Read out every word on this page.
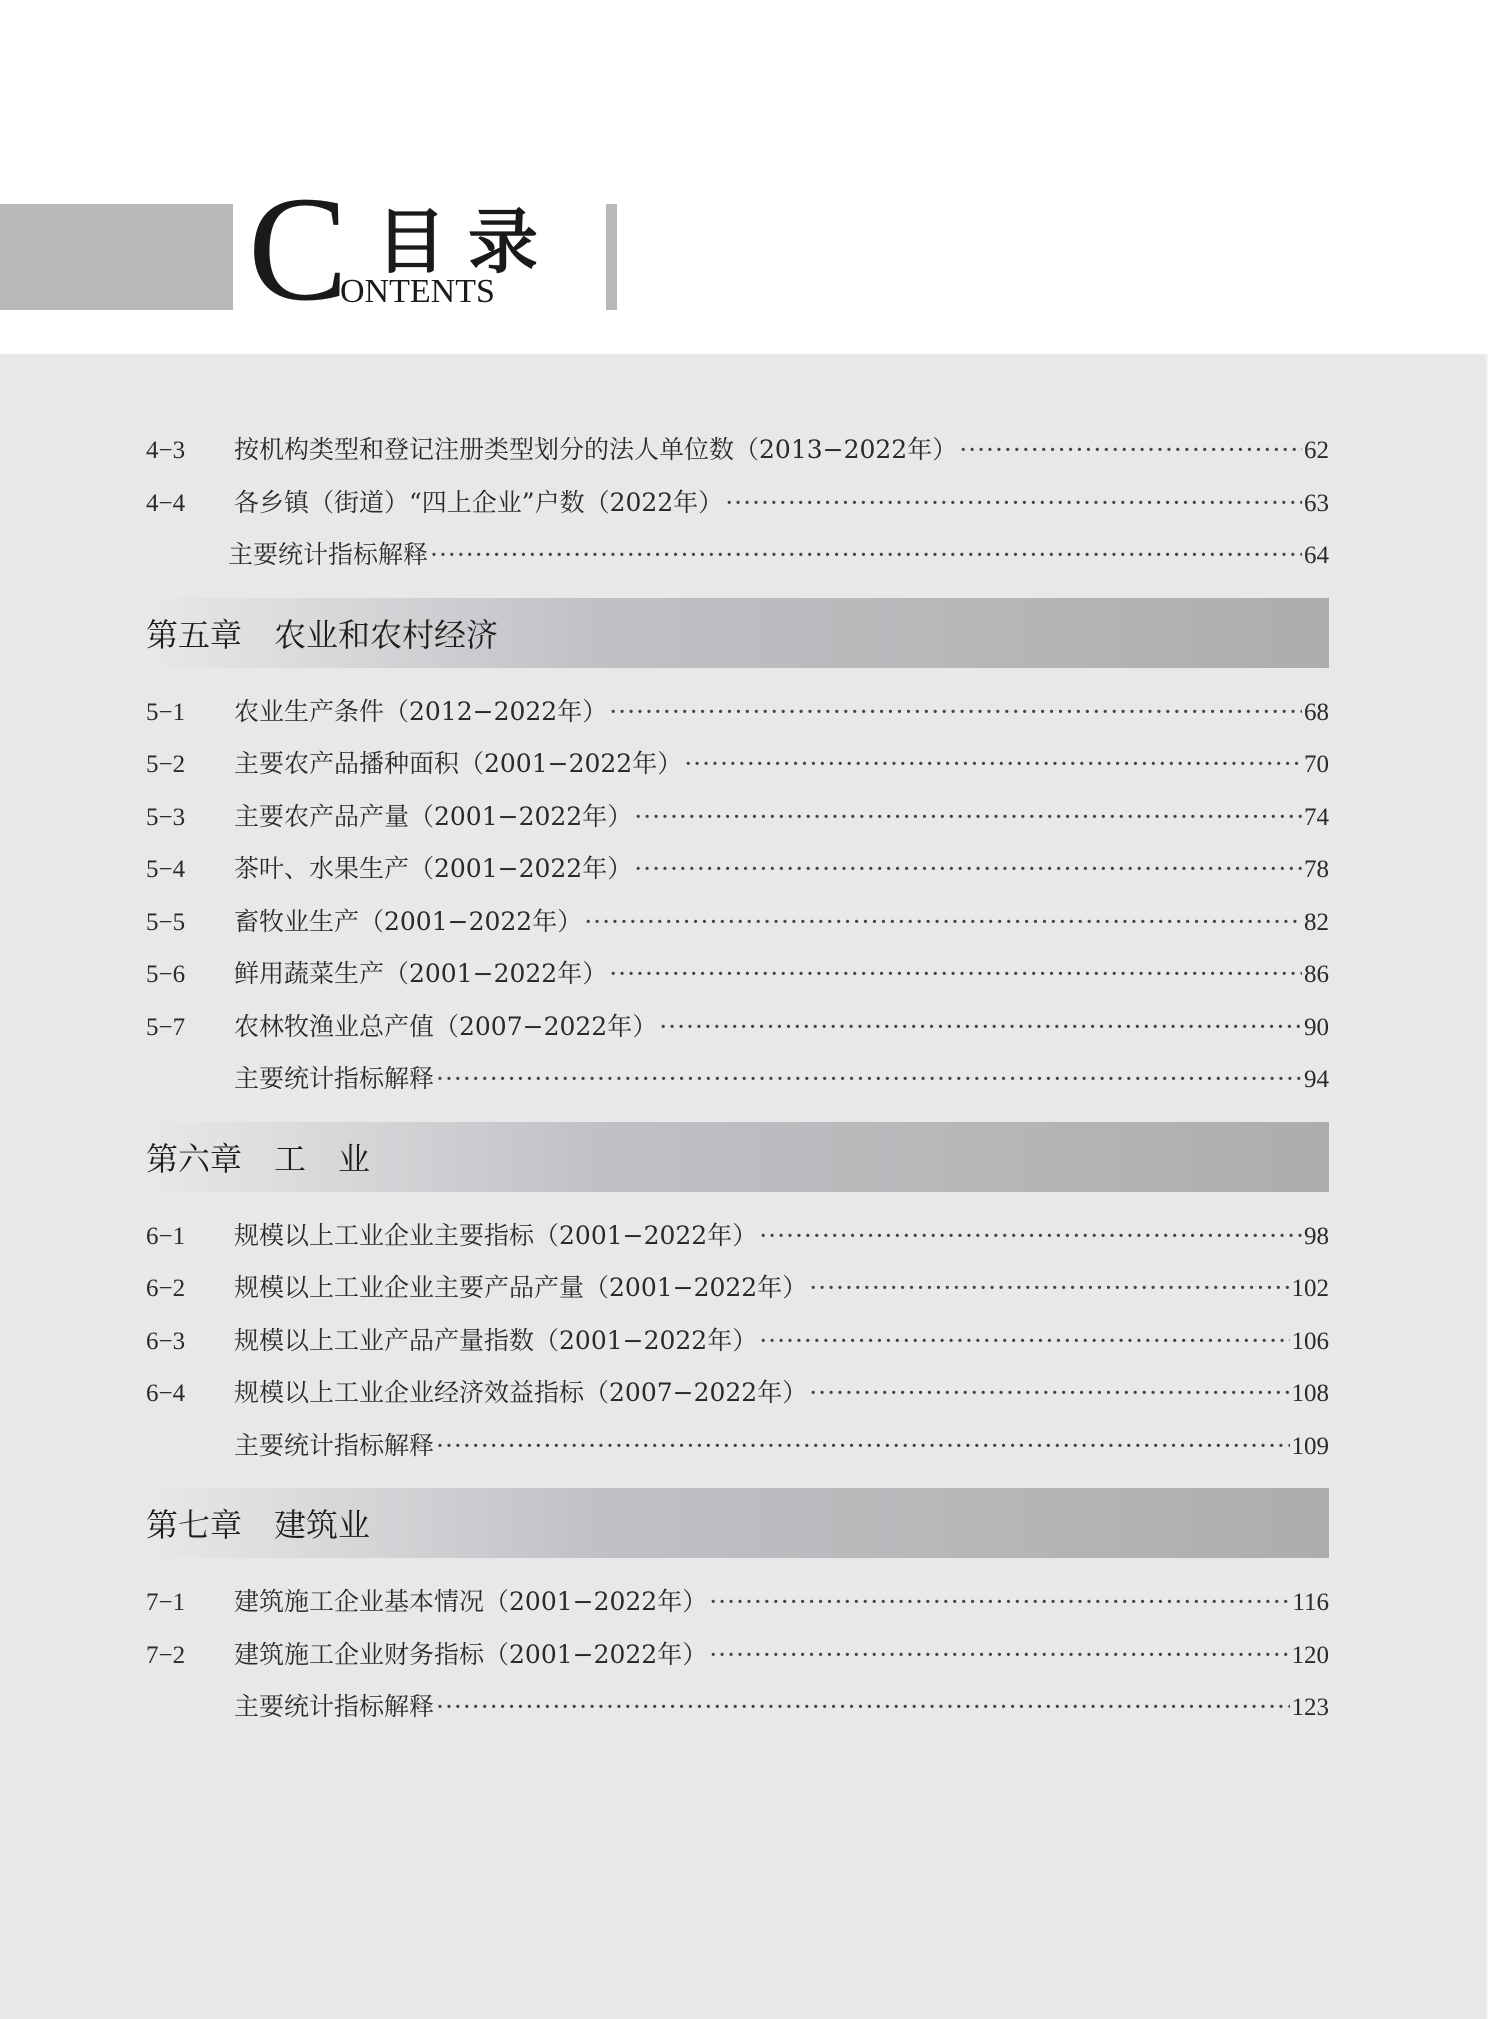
C 目录
ONTENTS
4−3	按机构类型和登记注册类型划分的法人单位数（2013−2022年） ·····	62
4−4	各乡镇（街道）“四上企业”户数（2022年） ·····	63
主要统计指标解释 ·····	64
第五章　农业和农村经济
5−1	农业生产条件（2012−2022年） ·····	68
5−2	主要农产品播种面积（2001−2022年） ·····	70
5−3	主要农产品产量（2001−2022年） ·····	74
5−4	茶叶、水果生产（2001−2022年） ·····	78
5−5	畜牧业生产（2001−2022年） ·····	82
5−6	鲜用蔬菜生产（2001−2022年） ·····	86
5−7	农林牧渔业总产值（2007−2022年） ·····	90
主要统计指标解释 ·····	94
第六章　工　业
6−1	规模以上工业企业主要指标（2001−2022年） ·····	98
6−2	规模以上工业企业主要产品产量（2001−2022年） ·····	102
6−3	规模以上工业产品产量指数（2001−2022年） ·····	106
6−4	规模以上工业企业经济效益指标（2007−2022年） ·····	108
主要统计指标解释 ·····	109
第七章　建筑业
7−1	建筑施工企业基本情况（2001−2022年） ·····	116
7−2	建筑施工企业财务指标（2001−2022年） ·····	120
主要统计指标解释 ·····	123
